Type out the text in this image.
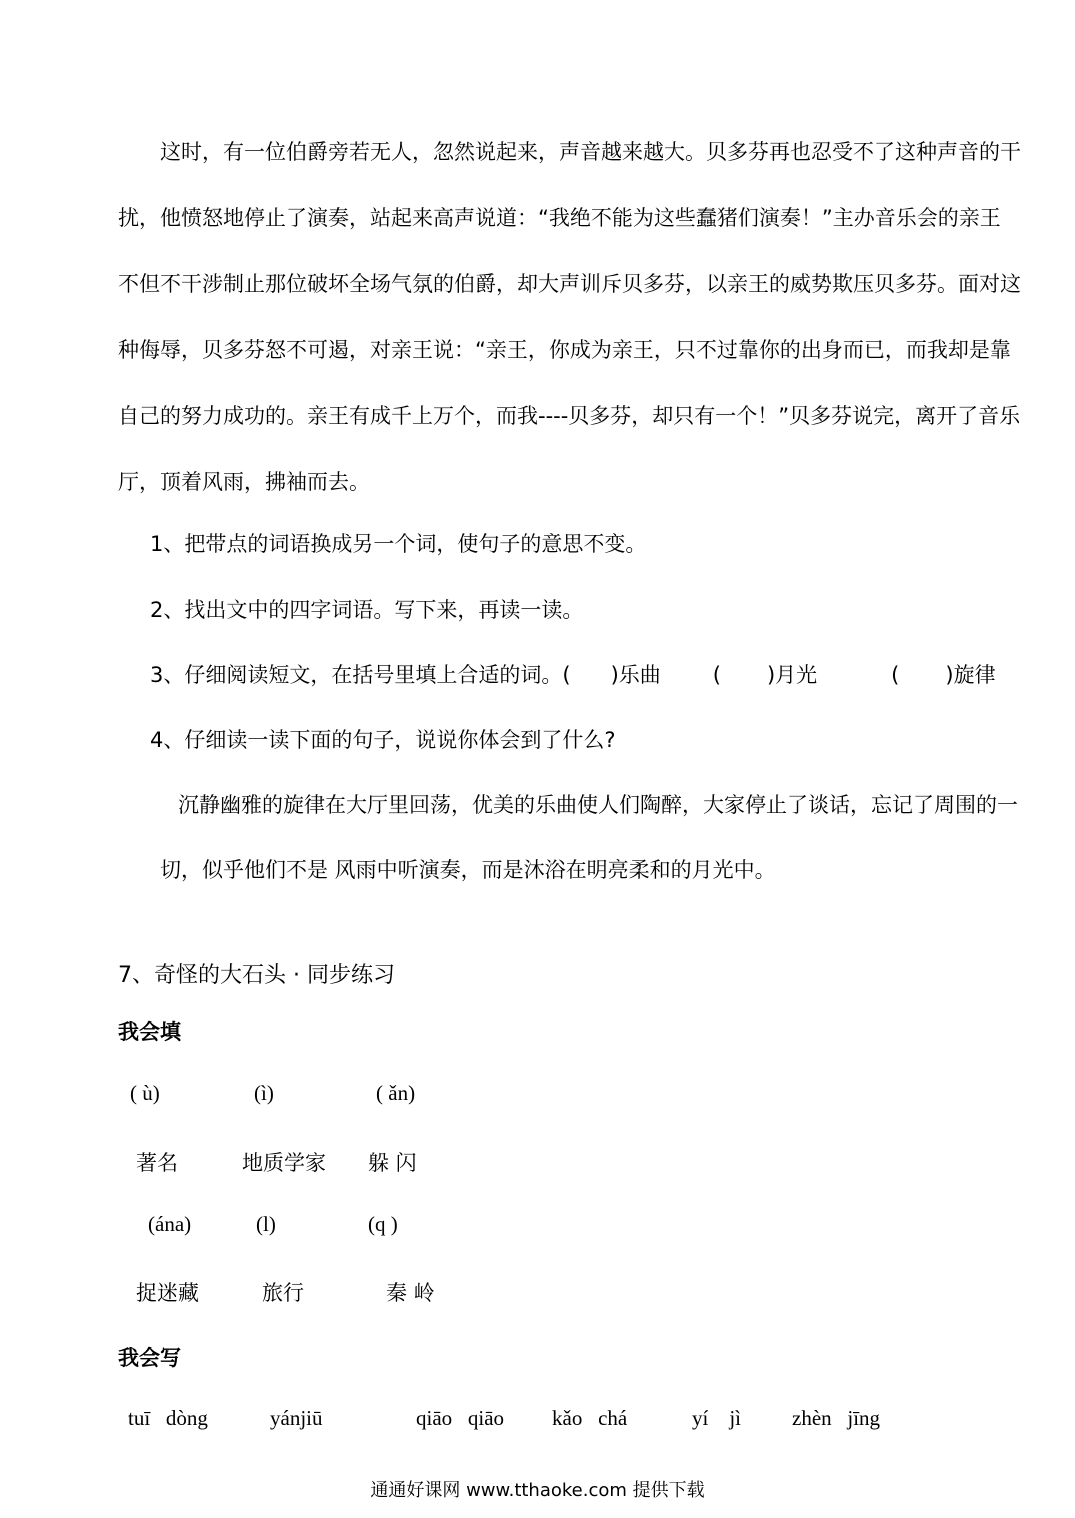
这时，有一位伯爵旁若无人，忽然说起来，声音越来越大。贝多芬再也忍受不了这种声音的干

扰，他愤怒地停止了演奏，站起来高声说道：“我绝不能为这些蠢猪们演奏！”主办音乐会的亲王

不但不干涉制止那位破坏全场气氛的伯爵，却大声训斥贝多芬，以亲王的威势欺压贝多芬。面对这

种侮辱，贝多芬怒不可遏，对亲王说：“亲王，你成为亲王，只不过靠你的出身而已，而我却是靠

自己的努力成功的。亲王有成千上万个，而我----贝多芬，却只有一个！”贝多芬说完，离开了音乐

厅，顶着风雨，拂袖而去。

1、把带点的词语换成另一个词，使句子的意思不变。
2、找出文中的四字词语。写下来，再读一读。
3、仔细阅读短文，在括号里填上合适的词。( )乐曲 ( )月光	( )旋律
4、仔细读一读下面的句子，说说你体会到了什么?
沉静幽雅的旋律在大厅里回荡，优美的乐曲使人们陶醉，大家停止了谈话，忘记了周围的一
切，似乎他们不是 风雨中听演奏，而是沐浴在明亮柔和的月光中。
7、奇怪的大石头 · 同步练习
我会填
( ù)	(ì)	( ǎn)
著名	地质学家 躲 闪
(ána)	(l)	(q )
捉迷藏	旅行	秦 岭
我会写
tuī   dòng	yánjiū	qiāo   qiāo kǎo   chá	yí    jì zhèn   jīng
通通好课网 www.tthaoke.com 提供下载
